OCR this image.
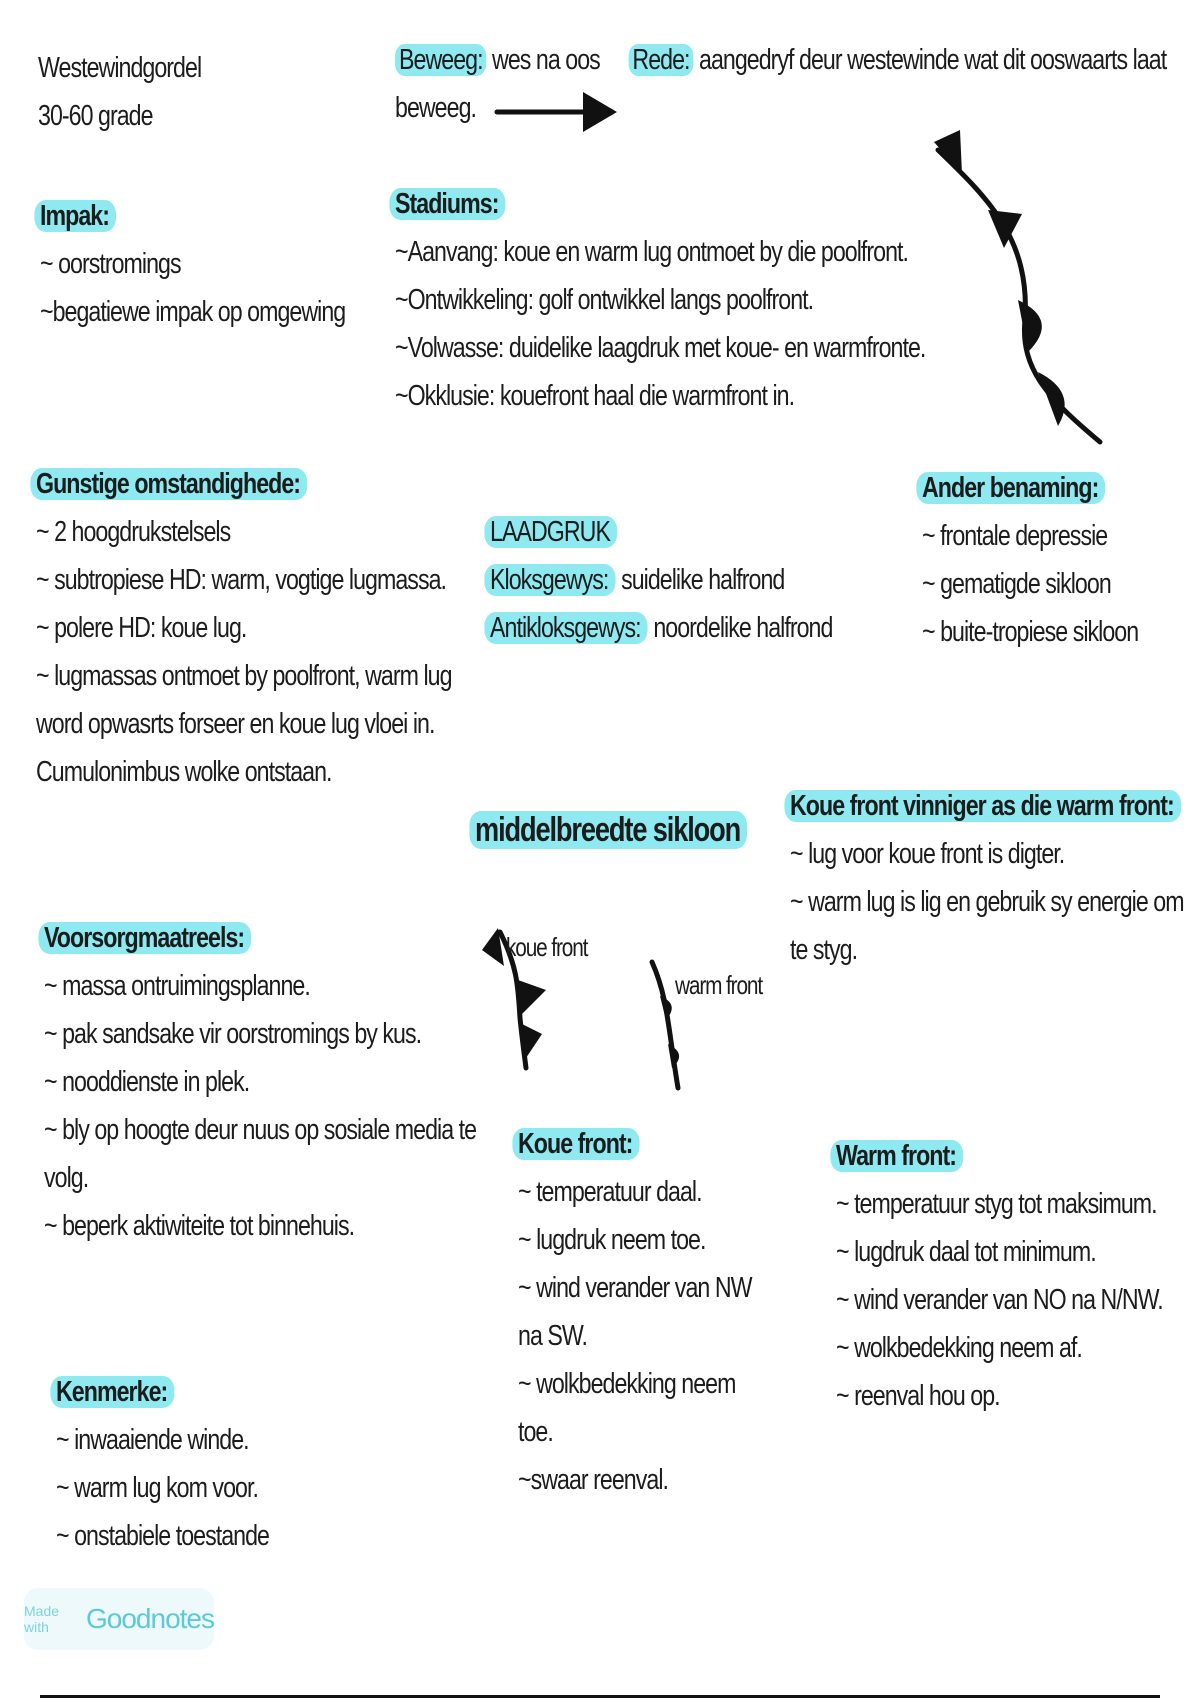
Westewindgordel
30-60 grade
Beweeg: wes na oos Rede: aangedryf deur westewinde wat dit ooswaarts laat
beweeg.
Impak:
~ oorstromings
~begatiewe impak op omgewing
Stadiums:
~Aanvang: koue en warm lug ontmoet by die poolfront.
~Ontwikkeling: golf ontwikkel langs poolfront.
~Volwasse: duidelike laagdruk met koue- en warmfronte.
~Okklusie: kouefront haal die warmfront in.
Gunstige omstandighede:
~ 2 hoogdrukstelsels
~ subtropiese HD: warm, vogtige lugmassa.
~ polere HD: koue lug.
~ lugmassas ontmoet by poolfront, warm lug
word opwasrts forseer en koue lug vloei in.
Cumulonimbus wolke ontstaan.
LAADGRUK
Kloksgewys: suidelike halfrond
Antikloksgewys: noordelike halfrond
Ander benaming:
~ frontale depressie
~ gematigde sikloon
~ buite-tropiese sikloon
middelbreedte sikloon
Koue front vinniger as die warm front:
~ lug voor koue front is digter.
~ warm lug is lig en gebruik sy energie om
te styg.
Voorsorgmaatreels:
~ massa ontruimingsplanne.
~ pak sandsake vir oorstromings by kus.
~ nooddienste in plek.
~ bly op hoogte deur nuus op sosiale media te
volg.
~ beperk aktiwiteite tot binnehuis.
koue front
warm front
Koue front:
~ temperatuur daal.
~ lugdruk neem toe.
~ wind verander van NW
na SW.
~ wolkbedekking neem
toe.
~swaar reenval.
Warm front:
~ temperatuur styg tot maksimum.
~ lugdruk daal tot minimum.
~ wind verander van NO na N/NW.
~ wolkbedekking neem af.
~ reenval hou op.
Kenmerke:
~ inwaaiende winde.
~ warm lug kom voor.
~ onstabiele toestande
Made with	Goodnotes
